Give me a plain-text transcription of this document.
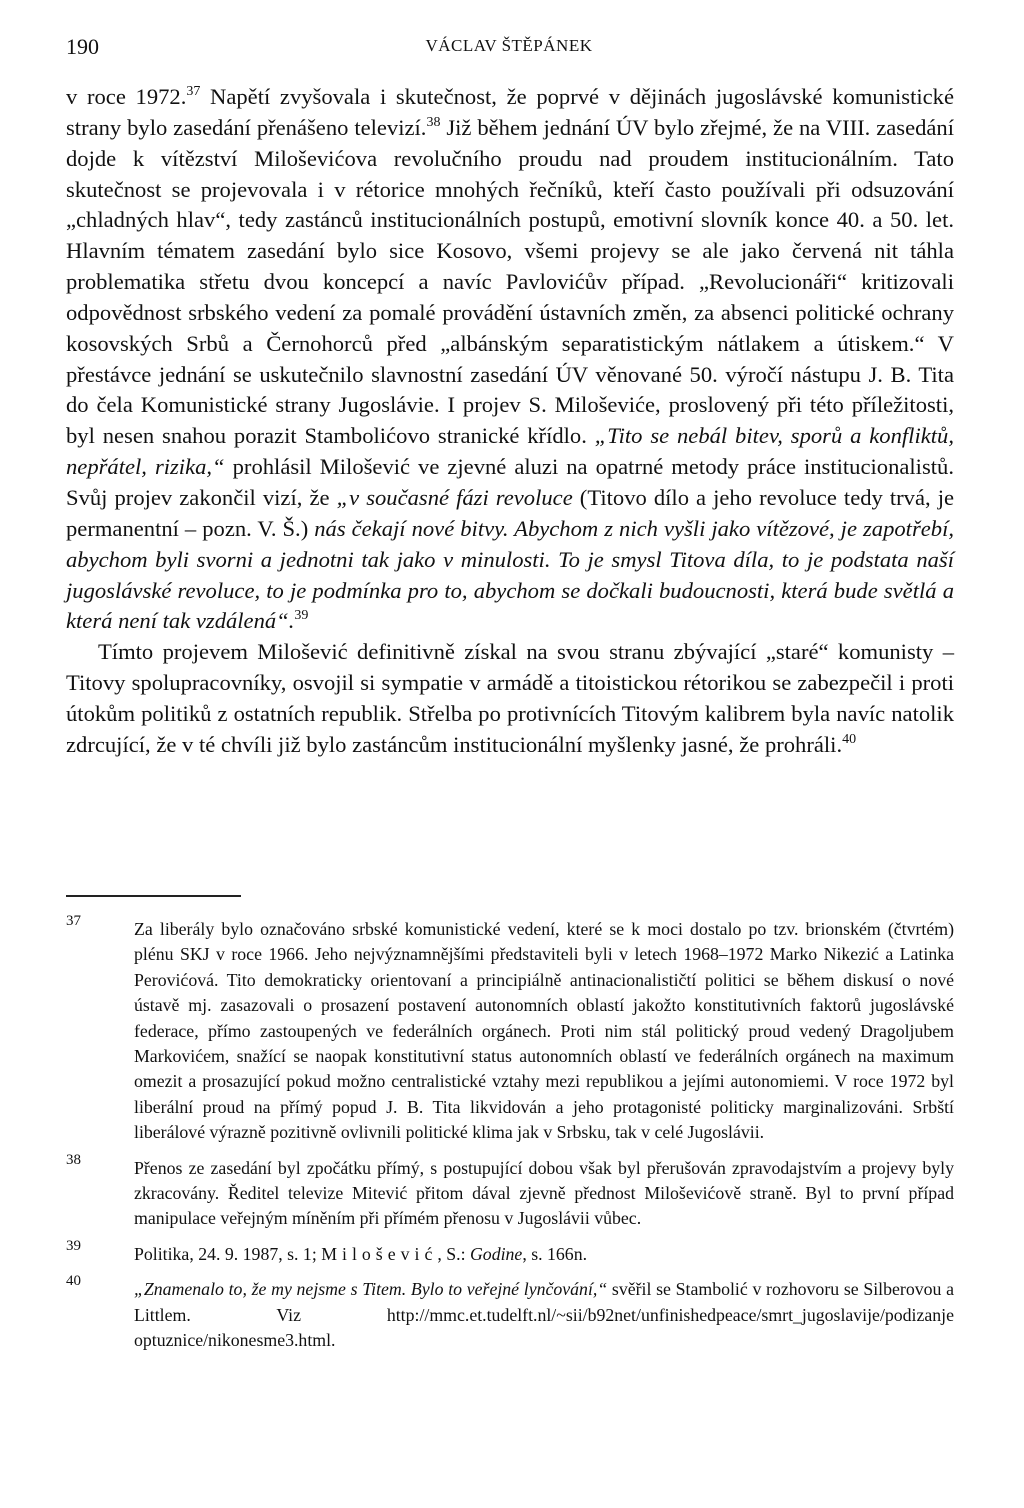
190	VÁCLAV ŠTĚPÁNEK

v roce 1972.37 Napětí zvyšovala i skutečnost, že poprvé v dějinách jugoslávské komunistické strany bylo zasedání přenášeno televizí.$^{38}$ Již během jednání ÚV bylo zřejmé, že na VIII. zasedání dojde k vítězství Miloševićova revolučního proudu nad proudem institucionálním. Tato skutečnost se projevovala i v rétorice mnohých řečníků, kteří často používali při odsuzování „chladných hlav“, tedy zastánců institucionálních postupů, emotivní slovník konce 40. a 50. let. Hlavním tématem zasedání bylo sice Kosovo, všemi projevy se ale jako červená nit táhla problematika střetu dvou koncepcí a navíc Pavlovićův případ. „Revolucionáři“ kritizovali odpovědnost srbského vedení za pomalé provádění ústavních změn, za absenci politické ochrany kosovských Srbů a Černohorců před „albánským separatistickým nátlakem a útiskem.“ V přestávce jednání se uskutečnilo slavnostní zasedání ÚV věnované 50. výročí nástupu J. B. Tita do čela Komunistické strany Jugoslávie. I projev S. Miloševiće, proslovený při této příležitosti, byl nesen snahou porazit Stambolićovo stranické křídlo. „Tito se nebál bitev, sporů a konfliktů, nepřátel, rizika,“ prohlásil Milošević ve zjevné aluzi na opatrné metody práce institucionalistů. Svůj projev zakončil vizí, že „v současné fázi revoluce (Titovo dílo a jeho revoluce tedy trvá, je permanentní – pozn. V. Š.) nás čekají nové bitvy. Abychom z nich vyšli jako vítězové, je zapotřebí, abychom byli svorni a jednotni tak jako v minulosti. To je smysl Titova díla, to je podstata naší jugoslávské revoluce, to je podmínka pro to, abychom se dočkali budoucnosti, která bude světlá a která není tak vzdálená“.$^{39}$

Tímto projevem Milošević definitivně získal na svou stranu zbývající „staré“ komunisty – Titovy spolupracovníky, osvojil si sympatie v armádě a titoistickou rétorikou se zabezpečil i proti útokům politiků z ostatních republik. Střelba po protivnících Titovým kalibrem byla navíc natolik zdrcující, že v té chvíli již bylo zastáncům institucionální myšlenky jasné, že prohráli.$^{40}$

37	Za liberály bylo označováno srbské komunistické vedení, které se k moci dostalo po tzv. brionském (čtvrtém) plénu SKJ v roce 1966. Jeho nejvýznamnějšími představiteli byli v letech 1968–1972 Marko Nikezić a Latinka Perovićová. Tito demokraticky orientovaní a principiálně antinacionalističtí politici se během diskusí o nové ústavě mj. zasazovali o prosazení postavení autonomních oblastí jakožto konstitutivních faktorů jugoslávské federace, přímo zastoupených ve federálních orgánech. Proti nim stál politický proud vedený Dragoljubem Markovićem, snažící se naopak konstitutivní status autonomních oblastí ve federálních orgánech na maximum omezit a prosazující pokud možno centralistické vztahy mezi republikou a jejími autonomiemi. V roce 1972 byl liberální proud na přímý popud J. B. Tita likvidován a jeho protagonisté politicky marginalizováni. Srbští liberálové výrazně pozitivně ovlivnili politické klima jak v Srbsku, tak v celé Jugoslávii.
38	Přenos ze zasedání byl zpočátku přímý, s postupující dobou však byl přerušován zpravodajstvím a projevy byly zkracovány. Ředitel televize Mitević přitom dával zjevně přednost Miloševićově straně. Byl to první případ manipulace veřejným míněním při přímém přenosu v Jugoslávii vůbec.
39	Politika, 24. 9. 1987, s. 1; Milošević, S.: Godine, s. 166n.
40	„Znamenalo to, že my nejsme s Titem. Bylo to veřejné lynčování,“ svěřil se Stambolić v rozhovoru se Silberovou a Littlem. Viz http://mmc.et.tudelft.nl/~sii/b92net/unfinishedpeace/smrt_jugoslavije/podizanje optuznice/nikonesme3.html.
